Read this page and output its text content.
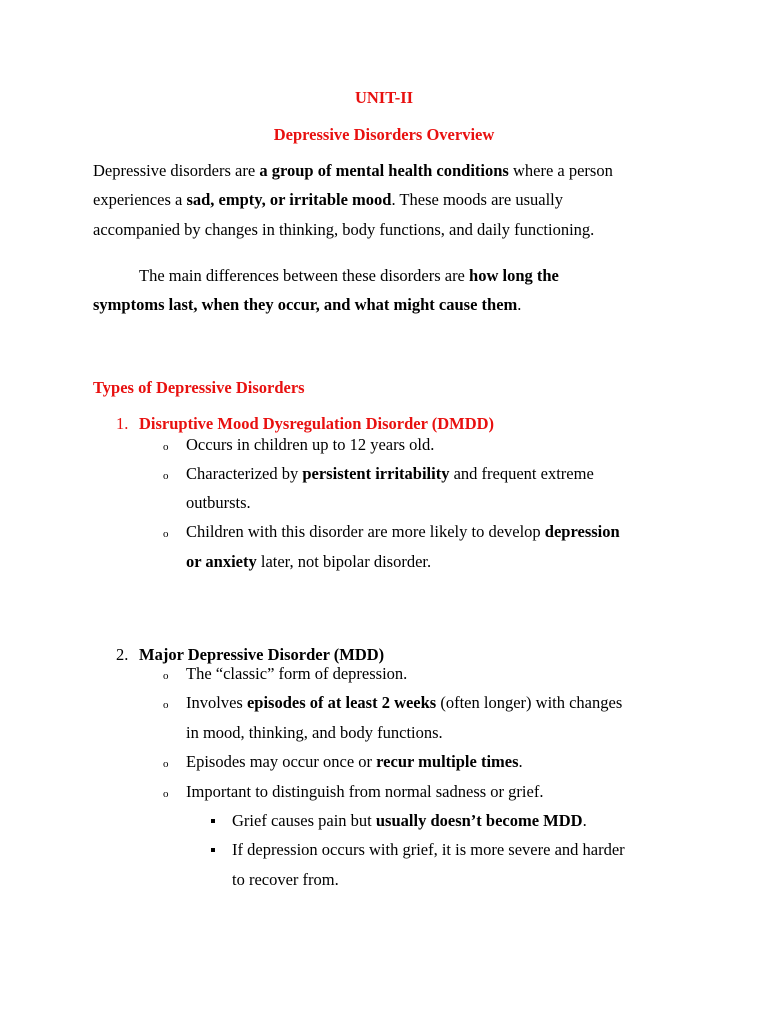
UNIT-II
Depressive Disorders Overview
Depressive disorders are a group of mental health conditions where a person
experiences a sad, empty, or irritable mood. These moods are usually
accompanied by changes in thinking, body functions, and daily functioning.
The main differences between these disorders are how long the
symptoms last, when they occur, and what might cause them.
Types of Depressive Disorders
1. Disruptive Mood Dysregulation Disorder (DMDD)
o Occurs in children up to 12 years old.
o Characterized by persistent irritability and frequent extreme
outbursts.
o Children with this disorder are more likely to develop depression
or anxiety later, not bipolar disorder.
2. Major Depressive Disorder (MDD)
o The “classic” form of depression.
o Involves episodes of at least 2 weeks (often longer) with changes
in mood, thinking, and body functions.
o Episodes may occur once or recur multiple times.
o Important to distinguish from normal sadness or grief.
Grief causes pain but usually doesn’t become MDD.
If depression occurs with grief, it is more severe and harder
to recover from.
